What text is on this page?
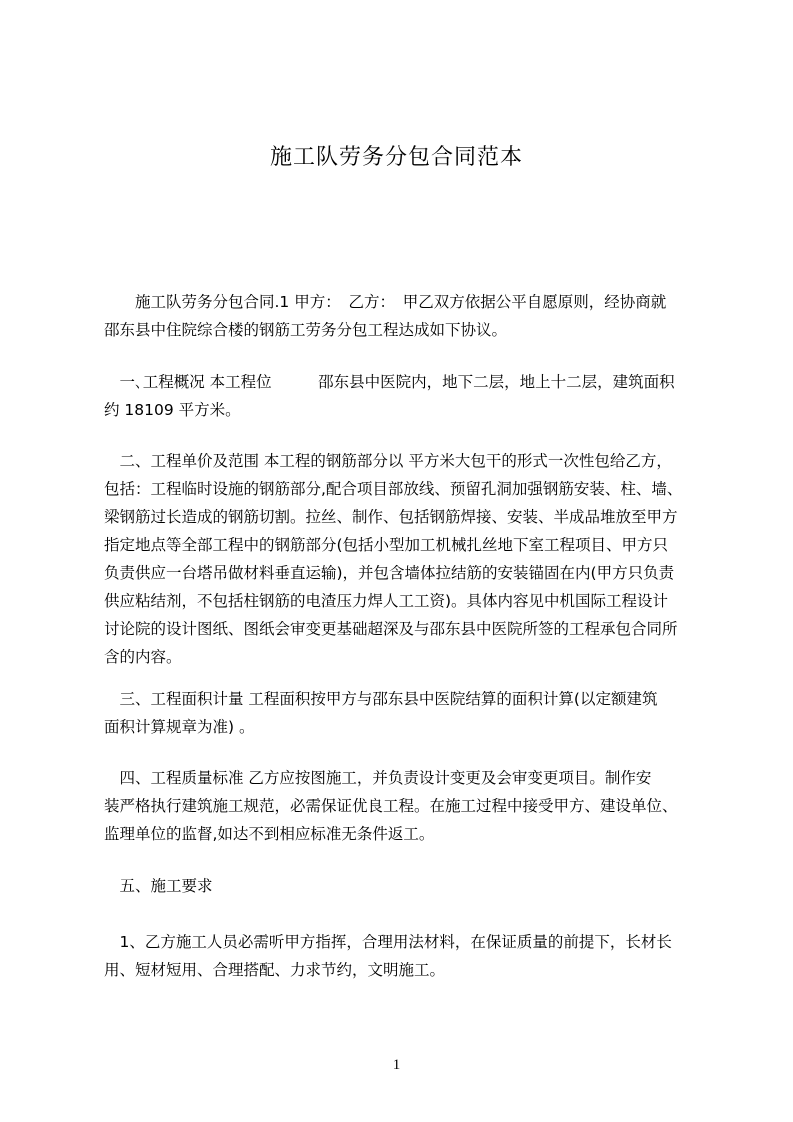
施工队劳务分包合同范本

　　施工队劳务分包合同.1 甲方：　乙方：　甲乙双方依据公平自愿原则，经协商就
邵东县中住院综合楼的钢筋工劳务分包工程达成如下协议。

　一､工程概况 本工程位　　　邵东县中医院内，地下二层，地上十二层，建筑面积
约 18109 平方米。

　二、工程单价及范围 本工程的钢筋部分以 平方米大包干的形式一次性包给乙方，
包括：工程临时设施的钢筋部分,配合项目部放线、预留孔洞加强钢筋安装、柱、墙、
梁钢筋过长造成的钢筋切割。拉丝、制作、包括钢筋焊接、安装、半成品堆放至甲方
指定地点等全部工程中的钢筋部分(包括小型加工机械扎丝地下室工程项目、甲方只
负责供应一台塔吊做材料垂直运输)，并包含墙体拉结筋的安装锚固在内(甲方只负责
供应粘结剂，不包括柱钢筋的电渣压力焊人工工资)。具体内容见中机国际工程设计
讨论院的设计图纸、图纸会审变更基础超深及与邵东县中医院所签的工程承包合同所
含的内容。

　三、工程面积计量 工程面积按甲方与邵东县中医院结算的面积计算(以定额建筑
面积计算规章为准) 。

　四、工程质量标准 乙方应按图施工，并负责设计变更及会审变更项目。制作安
装严格执行建筑施工规范，必需保证优良工程。在施工过程中接受甲方、建设单位、
监理单位的监督,如达不到相应标准无条件返工。

　五、施工要求

　1、乙方施工人员必需听甲方指挥，合理用法材料，在保证质量的前提下，长材长
用、短材短用、合理搭配、力求节约，文明施工。

1
